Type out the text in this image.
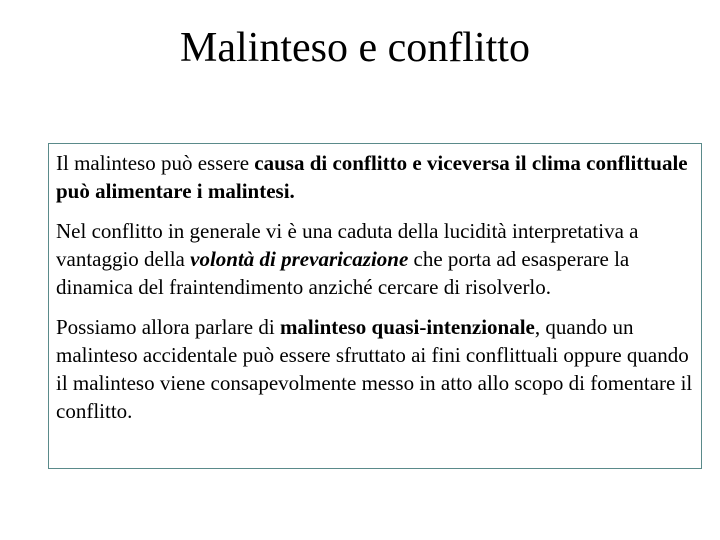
Malinteso e conflitto

Il malinteso può essere causa di conflitto e viceversa il clima conflittuale può alimentare i malintesi.

Nel conflitto in generale vi è una caduta della lucidità interpretativa a vantaggio della volontà di prevaricazione che porta ad esasperare la dinamica del fraintendimento anziché cercare di risolverlo.

Possiamo allora parlare di malinteso quasi-intenzionale, quando un malinteso accidentale può essere sfruttato ai fini conflittuali oppure quando il malinteso viene consapevolmente messo in atto allo scopo di fomentare il conflitto.
